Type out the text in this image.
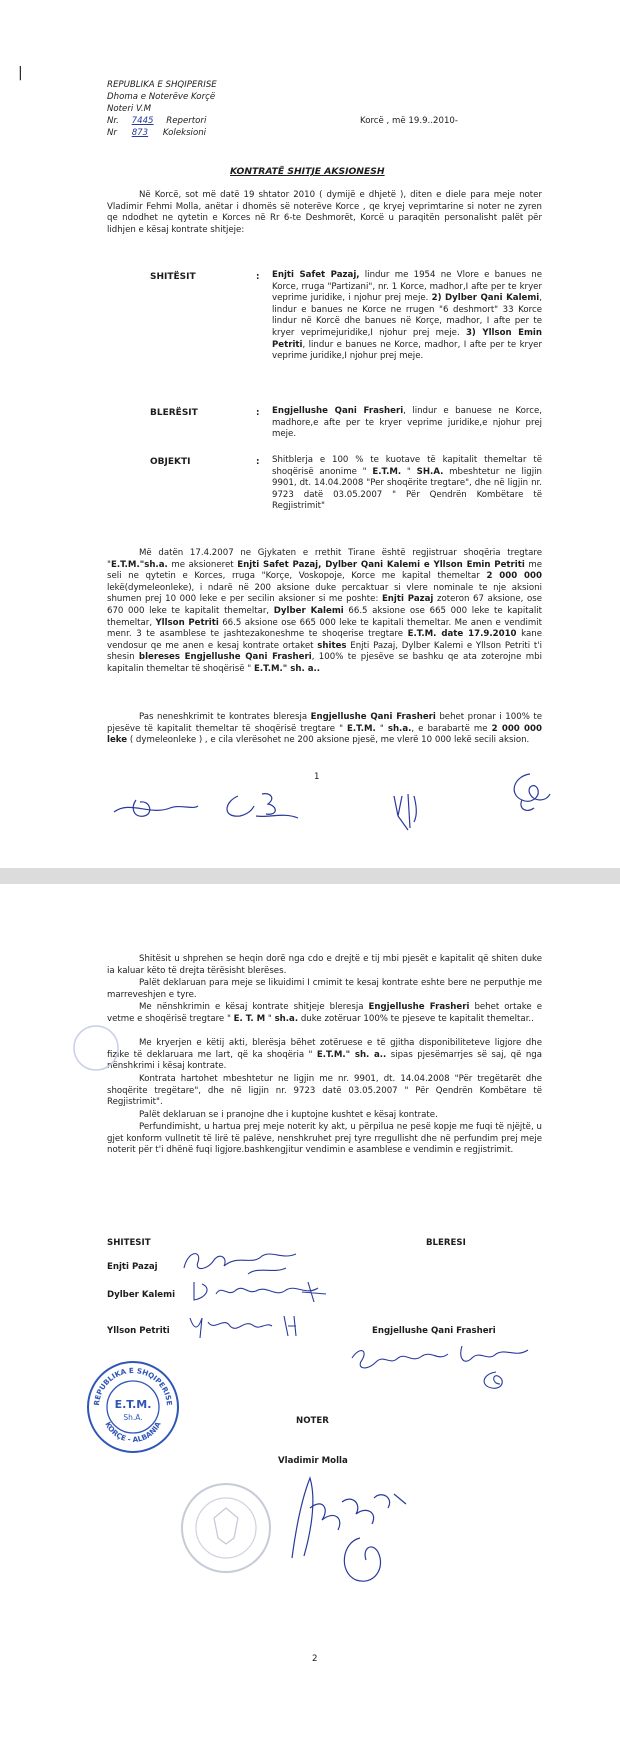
|
REPUBLIKA E SHQIPERISE
Dhoma e Noterëve Korçë
Noteri V.M
Nr. 7445 Repertori
Nr 873 Koleksioni
Korcë , më 19.9..2010-
KONTRATË SHITJE AKSIONESH
Në Korcë, sot më datë 19 shtator 2010 ( dymijë e dhjetë ), diten e diele para meje noter Vladimir Fehmi Molla, anëtar i dhomës së noterëve Korce , qe kryej veprimtarine si noter ne zyren qe ndodhet ne qytetin e Korces në Rr 6-te Deshmorët, Korcë u paraqitën personalisht palët për lidhjen e kësaj kontrate shitjeje:
SHITËSIT	: Enjti Safet Pazaj, lindur me 1954 ne Vlore e banues ne Korce, rruga "Partizani", nr. 1 Korce, madhor,I afte per te kryer veprime juridike, i njohur prej meje. 2) Dylber Qani Kalemi, lindur e banues ne Korce ne rrugen "6 deshmort" 33 Korce lindur në Korcë dhe banues në Korçe, madhor, I afte per te kryer veprimejuridike,I njohur prej meje. 3) Yllson Emin Petriti, lindur e banues ne Korce, madhor, I afte per te kryer veprime juridike,I njohur prej meje.
BLERËSIT	: Engjellushe Qani Frasheri, lindur e banuese ne Korce, madhore,e afte per te kryer veprime juridike,e njohur prej meje.
OBJEKTI	: Shitblerja e 100 % te kuotave të kapitalit themeltar të shoqërisë anonime " E.T.M. " SH.A. mbeshtetur ne ligjin 9901, dt. 14.04.2008 "Per shoqërite tregtare", dhe në ligjin nr. 9723 datë 03.05.2007 " Për Qendrën Kombëtare të Regjistrimit"
Më datën 17.4.2007 ne Gjykaten e rrethit Tirane është regjistruar shoqëria tregtare "E.T.M."sh.a. me aksioneret Enjti Safet Pazaj, Dylber Qani Kalemi e Yllson Emin Petriti me seli ne qytetin e Korces, rruga "Korçe, Voskopoje, Korce me kapital themeltar 2 000 000 lekë(dymeleonleke), i ndarë në 200 aksione duke percaktuar si vlere nominale te nje aksioni shumen prej 10 000 leke e per secilin aksioner si me poshte: Enjti Pazaj zoteron 67 aksione, ose 670 000 leke te kapitalit themeltar, Dylber Kalemi 66.5 aksione ose 665 000 leke te kapitalit themeltar, Yllson Petriti 66.5 aksione ose 665 000 leke te kapitali themeltar. Me anen e vendimit menr. 3 te asamblese te jashtezakoneshme te shoqerise tregtare E.T.M. date 17.9.2010 kane vendosur qe me anen e kesaj kontrate ortaket shites Enjti Pazaj, Dylber Kalemi e Yllson Petriti t'i shesin blereses Engjellushe Qani Frasheri, 100% te pjesëve se bashku qe ata zoterojne mbi kapitalin themeltar të shoqërisë " E.T.M." sh. a..
Pas neneshkrimit te kontrates bleresja Engjellushe Qani Frasheri behet pronar i 100% te pjesëve të kapitalit themeltar të shoqërisë tregtare " E.T.M. " sh.a., e barabartë me 2 000 000 leke ( dymeleonleke ) , e cila vlerësohet ne 200 aksione pjesë, me vlerë 10 000 lekë secili aksion.
1
Shitësit u shprehen se heqin dorë nga cdo e drejtë e tij mbi pjesët e kapitalit që shiten duke ia kaluar këto të drejta tërësisht blerëses.
Palët deklaruan para meje se likuidimi I cmimit te kesaj kontrate eshte bere ne perputhje me marreveshjen e tyre.
Me nënshkrimin e kësaj kontrate shitjeje bleresja Engjellushe Frasheri behet ortake e vetme e shoqërisë tregtare " E. T. M " sh.a. duke zotëruar 100% te pjeseve te kapitalit themeltar..
Me kryerjen e këtij akti, blerësja bëhet zotëruese e të gjitha disponibiliteteve ligjore dhe fizike të deklaruara me lart, që ka shoqëria " E.T.M." sh. a.. sipas pjesëmarrjes së saj, që nga nënshkrimi i kësaj kontrate.
Kontrata hartohet mbeshtetur ne ligjin me nr. 9901, dt. 14.04.2008 "Për tregëtarët dhe shoqërite tregëtare", dhe në ligjin nr. 9723 datë 03.05.2007 " Për Qendrën Kombëtare të Regjistrimit".
Palët deklaruan se i pranojne dhe i kuptojne kushtet e kësaj kontrate.
Perfundimisht, u hartua prej meje noterit ky akt, u përpilua ne pesë kopje me fuqi të njëjtë, u gjet konform vullnetit të lirë të palëve, nenshkruhet prej tyre rregullisht dhe në perfundim prej meje noterit për t'i dhënë fuqi ligjore.bashkengjitur vendimin e asamblese e vendimin e regjistrimit.
SHITESIT	BLERESI
Enjti Pazaj
Dylber Kalemi
Yllson Petriti	Engjellushe Qani Frasheri
REPUBLIKA E SHQIPERISE
KORÇE - ALBANIA
E.T.M.
Sh.A.	NOTER
Vladimir Molla
2
